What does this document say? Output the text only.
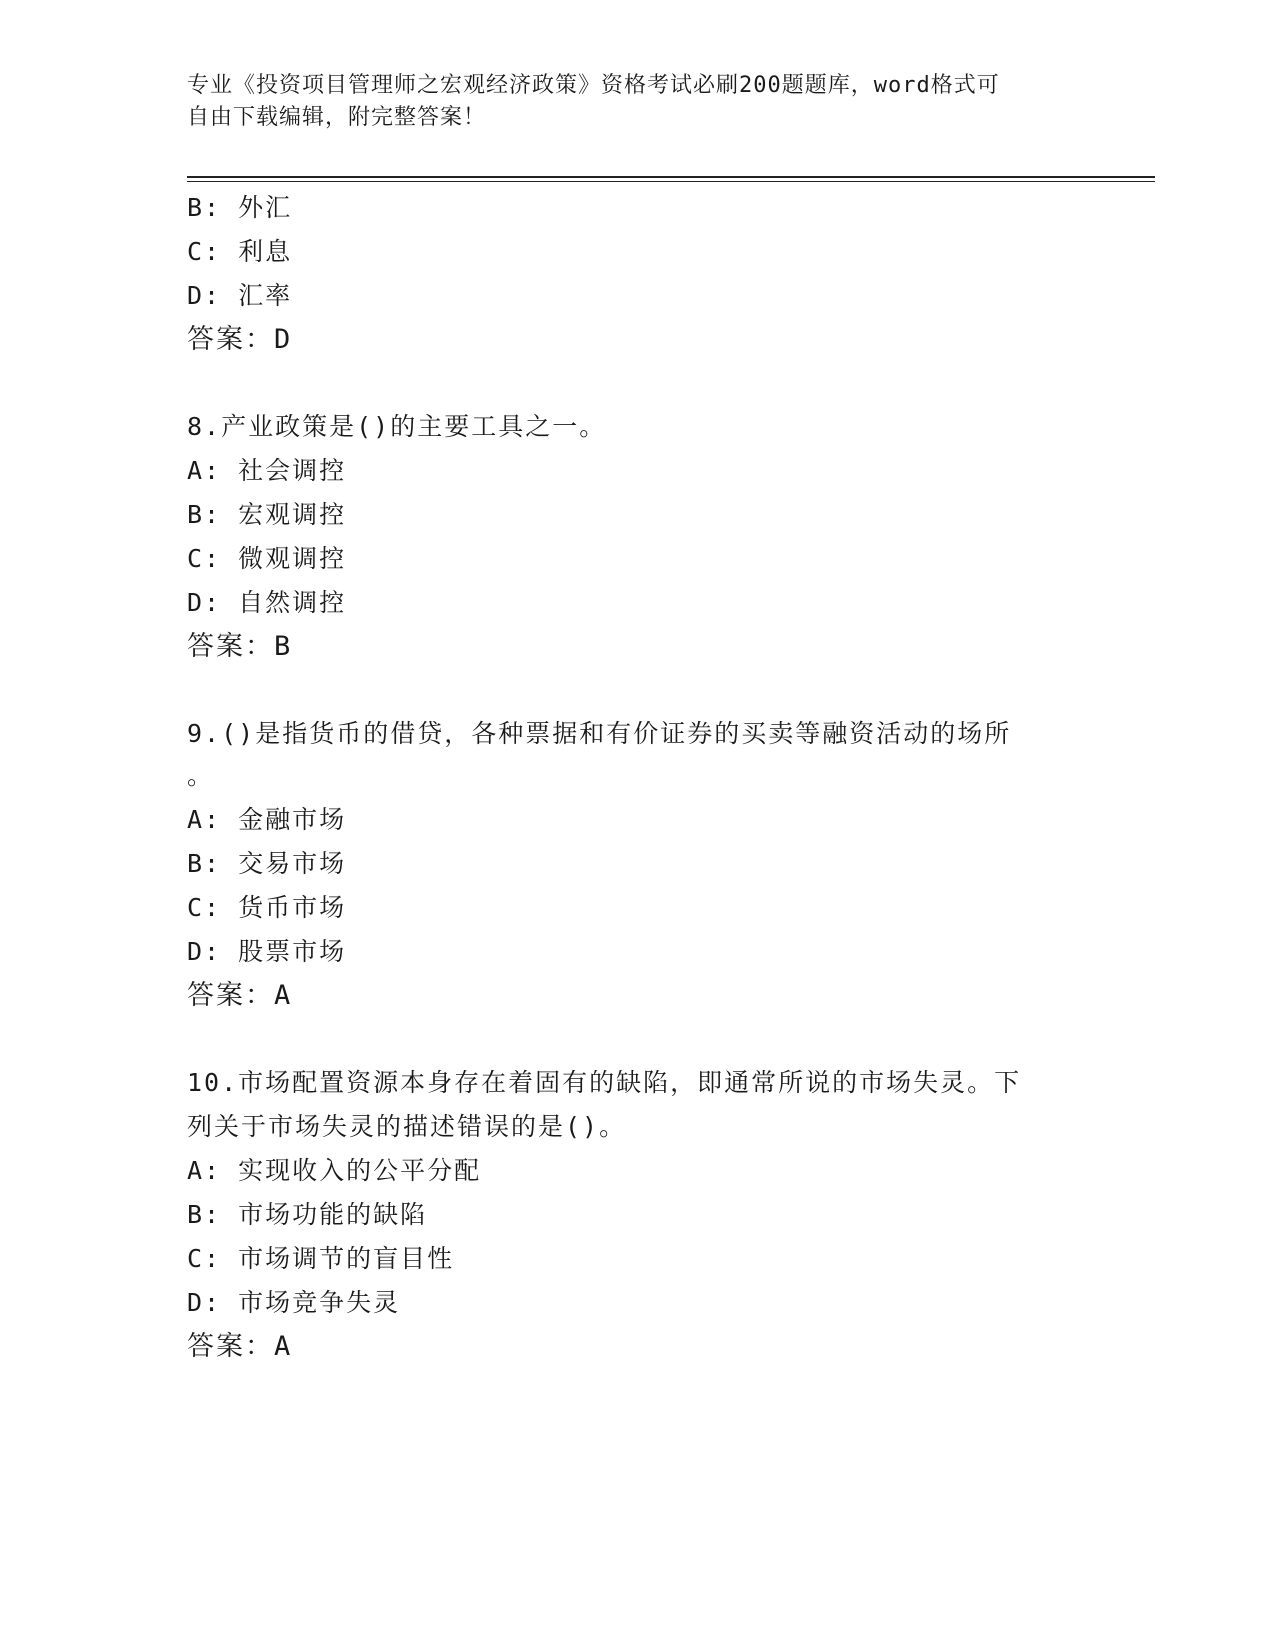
专业《投资项目管理师之宏观经济政策》资格考试必刷200题题库，word格式可
自由下载编辑，附完整答案！
B: 外汇
C: 利息
D: 汇率
答案：D
8.产业政策是()的主要工具之一。
A: 社会调控
B: 宏观调控
C: 微观调控
D: 自然调控
答案：B
9.()是指货币的借贷，各种票据和有价证券的买卖等融资活动的场所
。
A: 金融市场
B: 交易市场
C: 货币市场
D: 股票市场
答案：A
10.市场配置资源本身存在着固有的缺陷，即通常所说的市场失灵。下
列关于市场失灵的描述错误的是()。
A: 实现收入的公平分配
B: 市场功能的缺陷
C: 市场调节的盲目性
D: 市场竞争失灵
答案：A
